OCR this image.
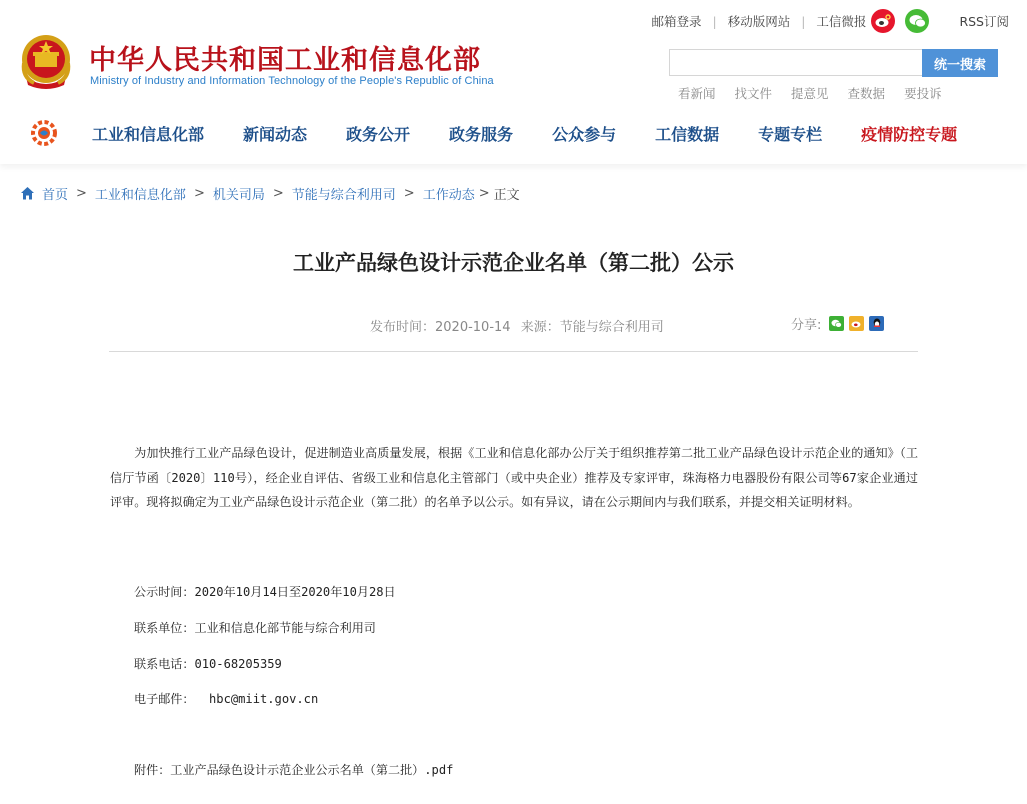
中华人民共和国工业和信息化部
Ministry of Industry and Information Technology of the People's Republic of China
邮箱登录 | 移动版网站 | 工信微报	RSS订阅
统一搜索
看新闻 找文件 提意见 查数据 要投诉
工业和信息化部 新闻动态 政务公开 政务服务 公众参与 工信数据 专题专栏 疫情防控专题
首页 > 工业和信息化部 > 机关司局 > 节能与综合利用司 > 工作动态 > 正文
工业产品绿色设计示范企业名单（第二批）公示
发布时间：2020-10-14 来源：节能与综合利用司	分享:
为加快推行工业产品绿色设计，促进制造业高质量发展，根据《工业和信息化部办公厅关于组织推荐第二批工业产品绿色设计示范企业的通知》（工信厅节函〔2020〕110号），经企业自评估、省级工业和信息化主管部门（或中央企业）推荐及专家评审，珠海格力电器股份有限公司等67家企业通过评审。现将拟确定为工业产品绿色设计示范企业（第二批）的名单予以公示。如有异议，请在公示期间内与我们联系，并提交相关证明材料。
公示时间：2020年10月14日至2020年10月28日
联系单位：工业和信息化部节能与综合利用司
联系电话：010-68205359
电子邮件：  hbc@miit.gov.cn
附件：工业产品绿色设计示范企业公示名单（第二批）.pdf
